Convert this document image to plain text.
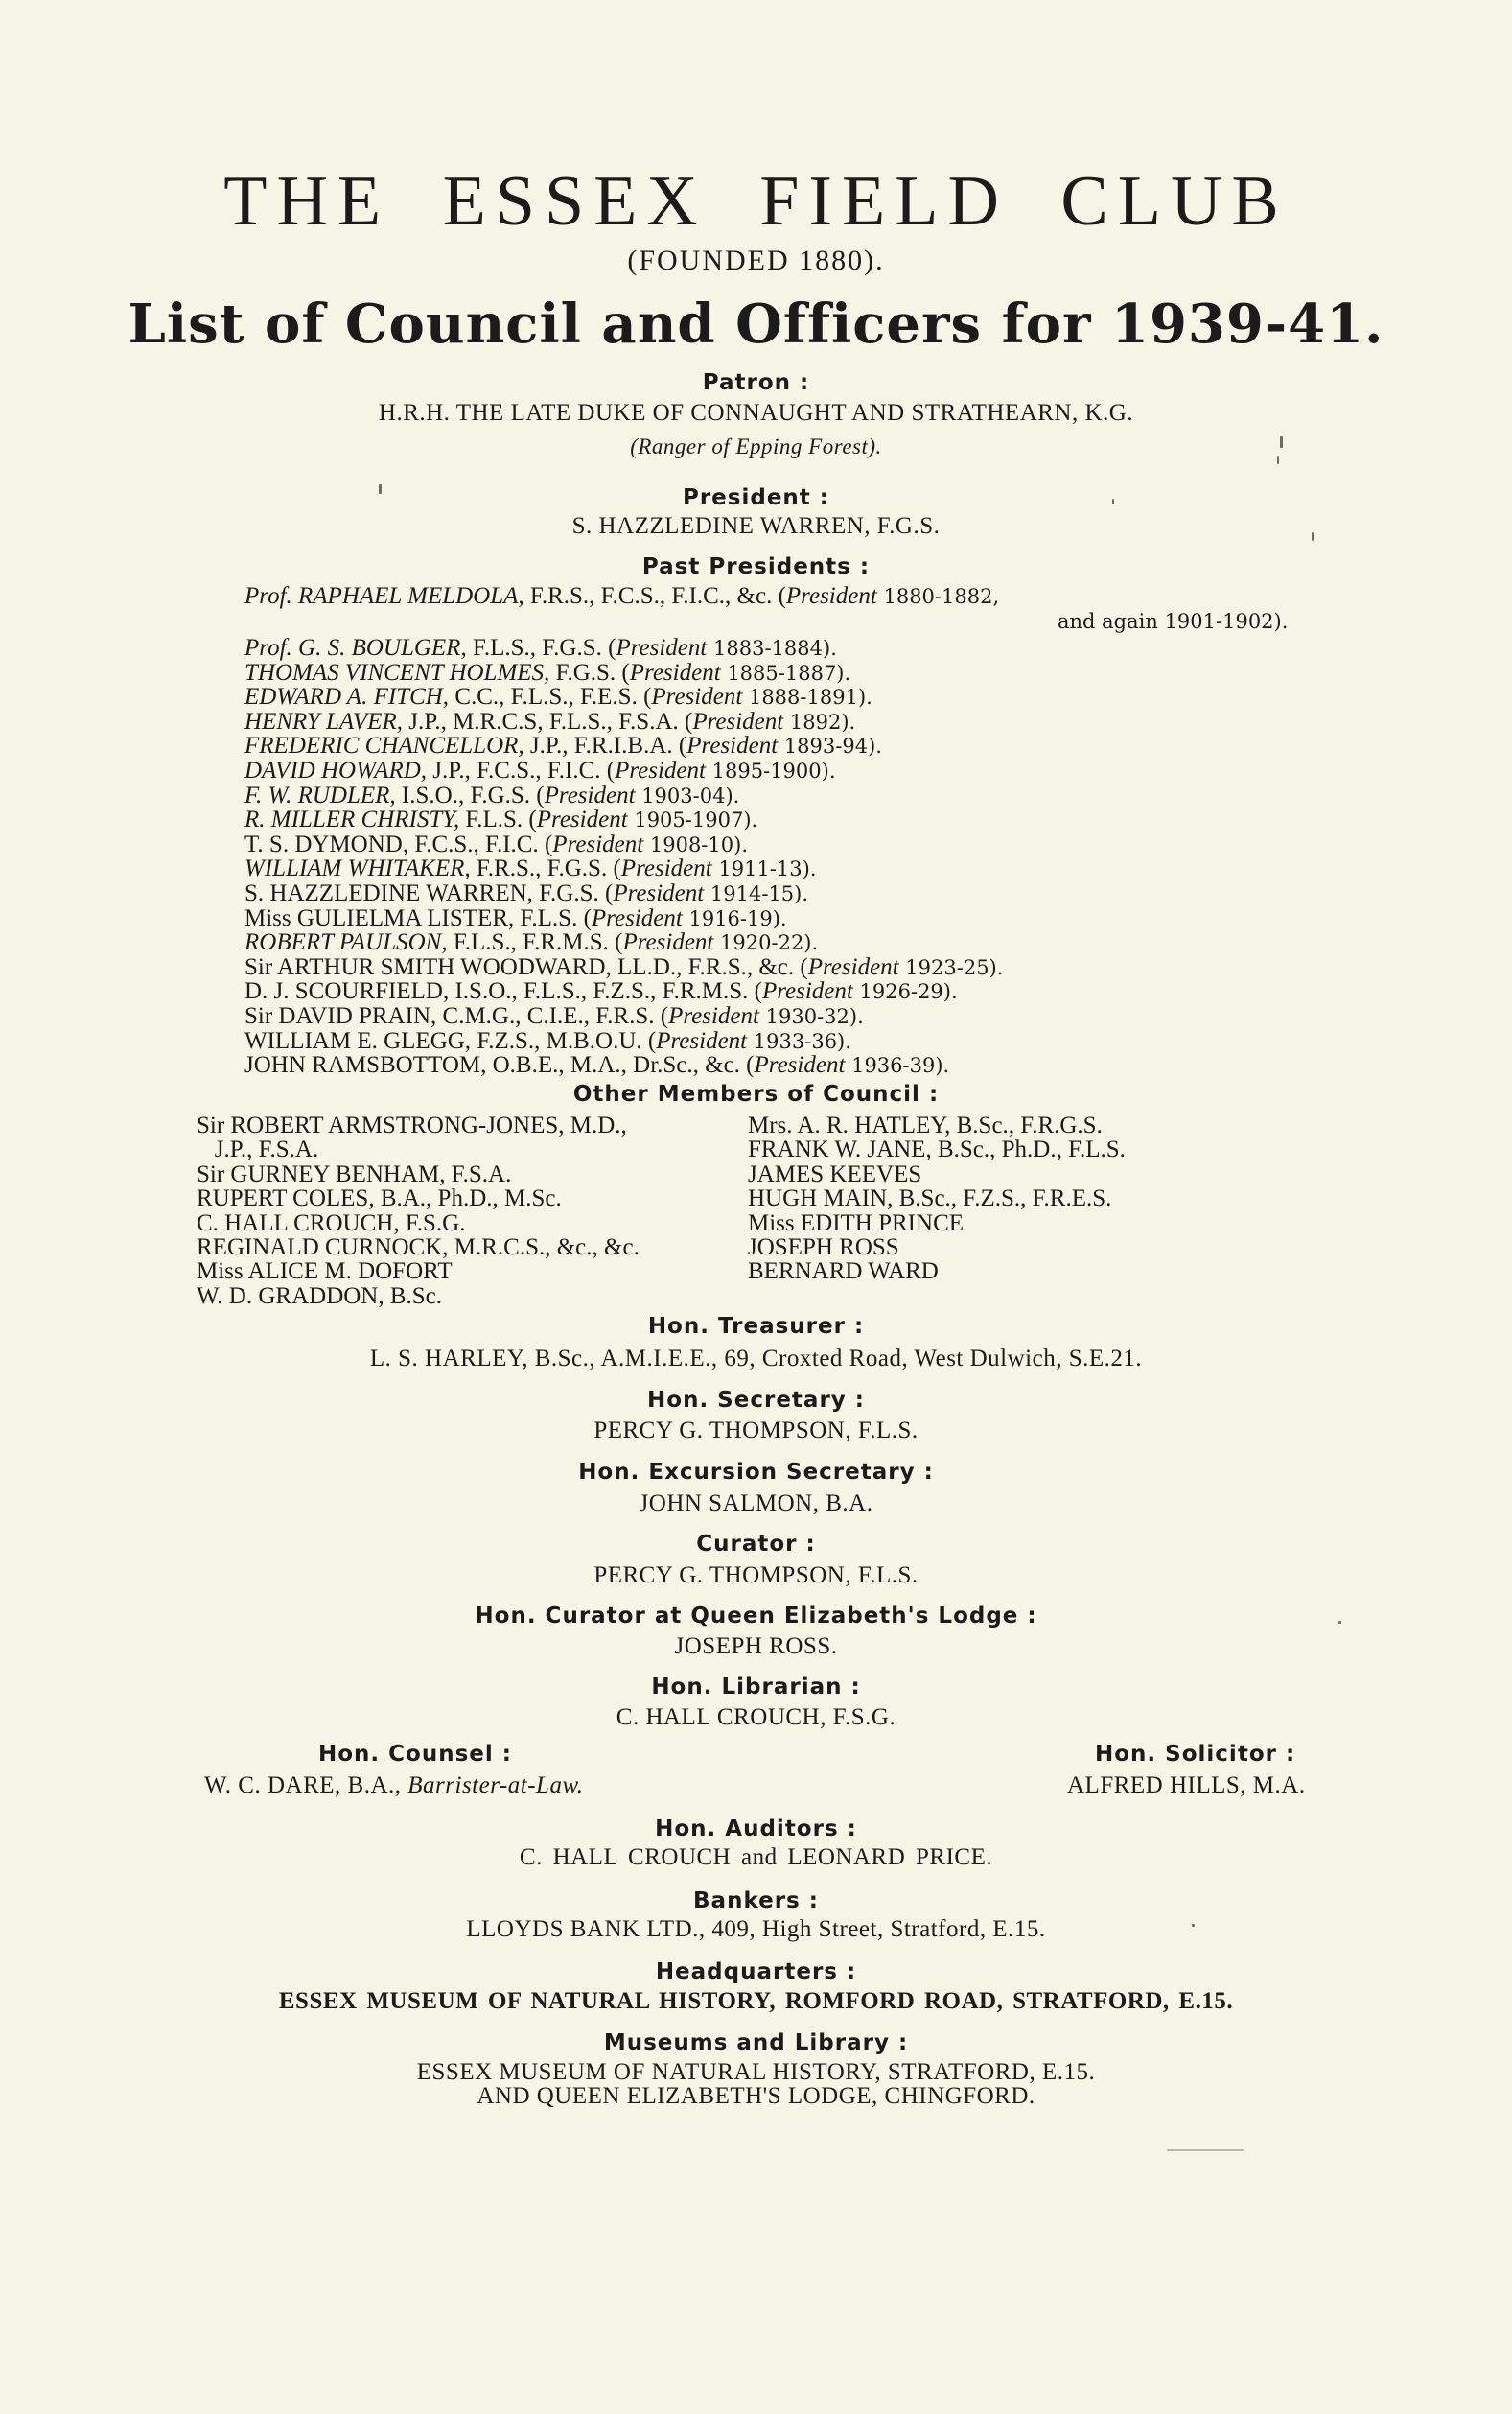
THE ESSEX FIELD CLUB
(FOUNDED 1880).
List of Council and Officers for 1939-41.
Patron :
H.R.H. THE LATE DUKE OF CONNAUGHT AND STRATHEARN, K.G.
(Ranger of Epping Forest).
President :
S. HAZZLEDINE WARREN, F.G.S.
Past Presidents :
Prof. RAPHAEL MELDOLA, F.R.S., F.C.S., F.I.C., &c. (President 1880-1882,
and again 1901-1902).
Prof. G. S. BOULGER, F.L.S., F.G.S. (President 1883-1884).
THOMAS VINCENT HOLMES, F.G.S. (President 1885-1887).
EDWARD A. FITCH, C.C., F.L.S., F.E.S. (President 1888-1891).
HENRY LAVER, J.P., M.R.C.S, F.L.S., F.S.A. (President 1892).
FREDERIC CHANCELLOR, J.P., F.R.I.B.A. (President 1893-94).
DAVID HOWARD, J.P., F.C.S., F.I.C. (President 1895-1900).
F. W. RUDLER, I.S.O., F.G.S. (President 1903-04).
R. MILLER CHRISTY, F.L.S. (President 1905-1907).
T. S. DYMOND, F.C.S., F.I.C. (President 1908-10).
WILLIAM WHITAKER, F.R.S., F.G.S. (President 1911-13).
S. HAZZLEDINE WARREN, F.G.S. (President 1914-15).
Miss GULIELMA LISTER, F.L.S. (President 1916-19).
ROBERT PAULSON, F.L.S., F.R.M.S. (President 1920-22).
Sir ARTHUR SMITH WOODWARD, LL.D., F.R.S., &c. (President 1923-25).
D. J. SCOURFIELD, I.S.O., F.L.S., F.Z.S., F.R.M.S. (President 1926-29).
Sir DAVID PRAIN, C.M.G., C.I.E., F.R.S. (President 1930-32).
WILLIAM E. GLEGG, F.Z.S., M.B.O.U. (President 1933-36).
JOHN RAMSBOTTOM, O.B.E., M.A., Dr.Sc., &c. (President 1936-39).
Other Members of Council :
Sir ROBERT ARMSTRONG-JONES, M.D.,
J.P., F.S.A.
Sir GURNEY BENHAM, F.S.A.
RUPERT COLES, B.A., Ph.D., M.Sc.
C. HALL CROUCH, F.S.G.
REGINALD CURNOCK, M.R.C.S., &c., &c.
Miss ALICE M. DOFORT
W. D. GRADDON, B.Sc.
Mrs. A. R. HATLEY, B.Sc., F.R.G.S.
FRANK W. JANE, B.Sc., Ph.D., F.L.S.
JAMES KEEVES
HUGH MAIN, B.Sc., F.Z.S., F.R.E.S.
Miss EDITH PRINCE
JOSEPH ROSS
BERNARD WARD
Hon. Treasurer :
L. S. HARLEY, B.Sc., A.M.I.E.E., 69, Croxted Road, West Dulwich, S.E.21.
Hon. Secretary :
PERCY G. THOMPSON, F.L.S.
Hon. Excursion Secretary :
JOHN SALMON, B.A.
Curator :
PERCY G. THOMPSON, F.L.S.
Hon. Curator at Queen Elizabeth's Lodge :
JOSEPH ROSS.
Hon. Librarian :
C. HALL CROUCH, F.S.G.
Hon. Counsel :
W. C. DARE, B.A., Barrister-at-Law.
Hon. Solicitor :
ALFRED HILLS, M.A.
Hon. Auditors :
C. HALL CROUCH and LEONARD PRICE.
Bankers :
LLOYDS BANK LTD., 409, High Street, Stratford, E.15.
Headquarters :
ESSEX MUSEUM OF NATURAL HISTORY, ROMFORD ROAD, STRATFORD, E.15.
Museums and Library :
ESSEX MUSEUM OF NATURAL HISTORY, STRATFORD, E.15.
AND QUEEN ELIZABETH'S LODGE, CHINGFORD.
